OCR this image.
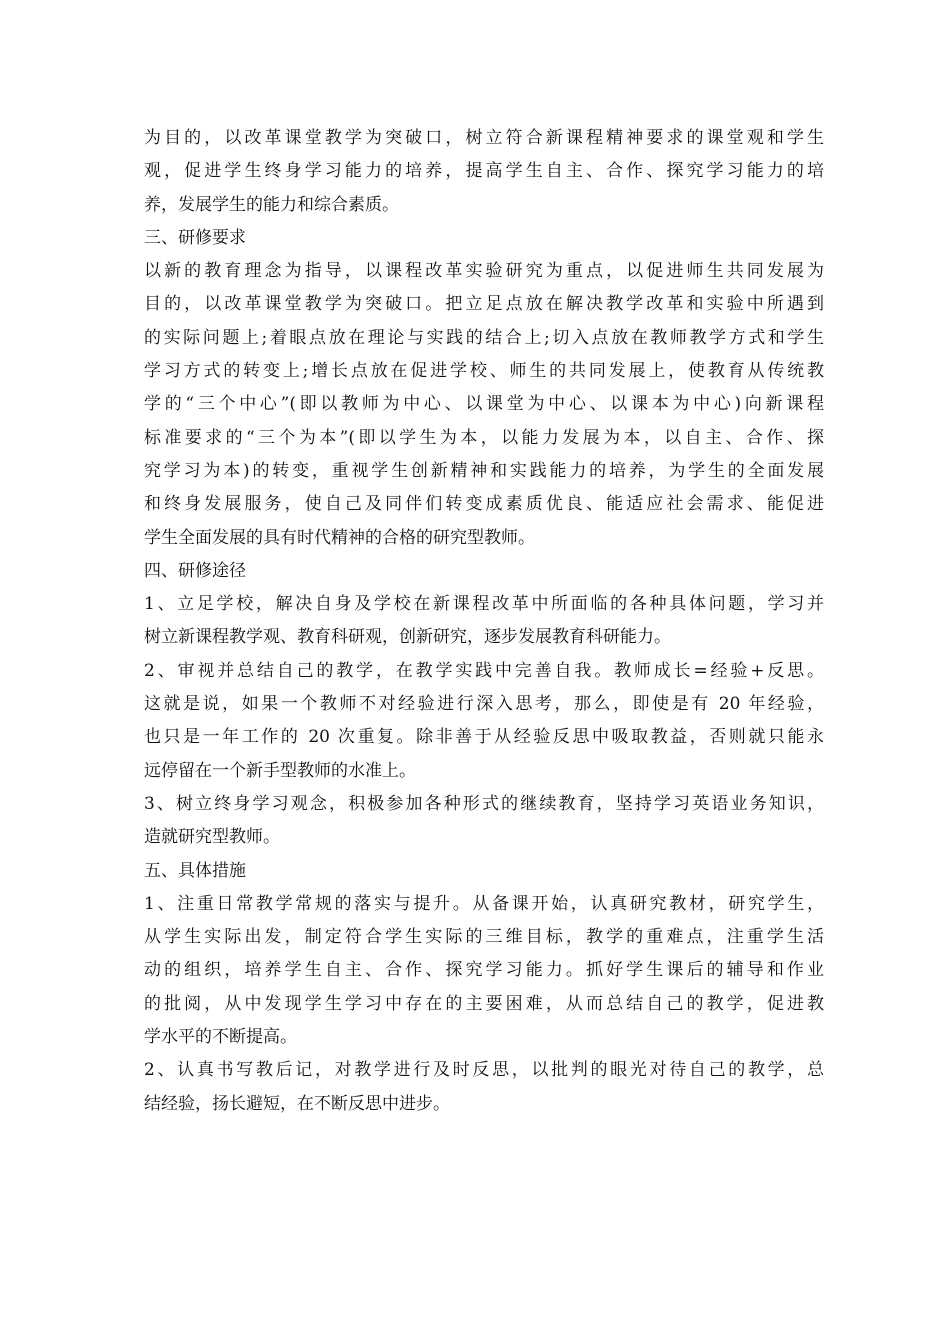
为目的，以改革课堂教学为突破口，树立符合新课程精神要求的课堂观和学生
观，促进学生终身学习能力的培养，提高学生自主、合作、探究学习能力的培
养，发展学生的能力和综合素质。
三、研修要求
以新的教育理念为指导，以课程改革实验研究为重点，以促进师生共同发展为
目的，以改革课堂教学为突破口。把立足点放在解决教学改革和实验中所遇到
的实际问题上;着眼点放在理论与实践的结合上;切入点放在教师教学方式和学生
学习方式的转变上;增长点放在促进学校、师生的共同发展上，使教育从传统教
学的“三个中心”(即以教师为中心、以课堂为中心、以课本为中心)向新课程
标准要求的“三个为本”(即以学生为本，以能力发展为本，以自主、合作、探
究学习为本)的转变，重视学生创新精神和实践能力的培养，为学生的全面发展
和终身发展服务，使自己及同伴们转变成素质优良、能适应社会需求、能促进
学生全面发展的具有时代精神的合格的研究型教师。
四、研修途径
1、立足学校，解决自身及学校在新课程改革中所面临的各种具体问题，学习并
树立新课程教学观、教育科研观，创新研究，逐步发展教育科研能力。
2、审视并总结自己的教学，在教学实践中完善自我。教师成长=经验+反思。
这就是说，如果一个教师不对经验进行深入思考，那么，即使是有 20 年经验，
也只是一年工作的 20 次重复。除非善于从经验反思中吸取教益，否则就只能永
远停留在一个新手型教师的水准上。
3、树立终身学习观念，积极参加各种形式的继续教育，坚持学习英语业务知识，
造就研究型教师。
五、具体措施
1、注重日常教学常规的落实与提升。从备课开始，认真研究教材，研究学生，
从学生实际出发，制定符合学生实际的三维目标，教学的重难点，注重学生活
动的组织，培养学生自主、合作、探究学习能力。抓好学生课后的辅导和作业
的批阅，从中发现学生学习中存在的主要困难，从而总结自己的教学，促进教
学水平的不断提高。
2、认真书写教后记，对教学进行及时反思，以批判的眼光对待自己的教学，总
结经验，扬长避短，在不断反思中进步。
